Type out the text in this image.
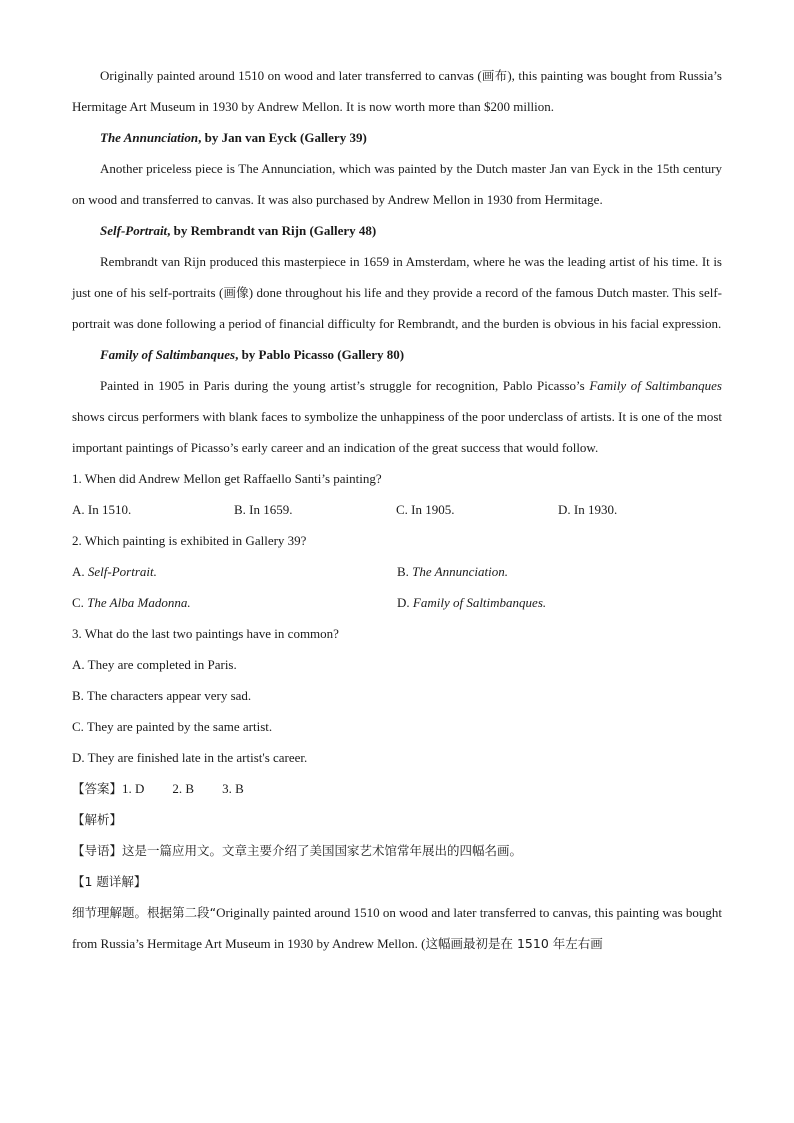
Originally painted around 1510 on wood and later transferred to canvas (画布), this painting was bought from Russia’s Hermitage Art Museum in 1930 by Andrew Mellon. It is now worth more than $200 million.

The Annunciation, by Jan van Eyck (Gallery 39)

Another priceless piece is The Annunciation, which was painted by the Dutch master Jan van Eyck in the 15th century on wood and transferred to canvas. It was also purchased by Andrew Mellon in 1930 from Hermitage.

Self-Portrait, by Rembrandt van Rijn (Gallery 48)

Rembrandt van Rijn produced this masterpiece in 1659 in Amsterdam, where he was the leading artist of his time. It is just one of his self-portraits (画像) done throughout his life and they provide a record of the famous Dutch master. This self-portrait was done following a period of financial difficulty for Rembrandt, and the burden is obvious in his facial expression.

Family of Saltimbanques, by Pablo Picasso (Gallery 80)

Painted in 1905 in Paris during the young artist’s struggle for recognition, Pablo Picasso’s Family of Saltimbanques shows circus performers with blank faces to symbolize the unhappiness of the poor underclass of artists. It is one of the most important paintings of Picasso’s early career and an indication of the great success that would follow.

1. When did Andrew Mellon get Raffaello Santi’s painting?

A. In 1510.	B. In 1659.	C. In 1905.	D. In 1930.

2. Which painting is exhibited in Gallery 39?

A. Self-Portrait.	B. The Annunciation.
C. The Alba Madonna.	D. Family of Saltimbanques.

3. What do the last two paintings have in common?

A. They are completed in Paris.

B. The characters appear very sad.

C. They are painted by the same artist.

D. They are finished late in the artist's career.

【答案】1. D 2. B 3. B

【解析】

【导语】这是一篇应用文。文章主要介绍了美国国家艺术馆常年展出的四幅名画。

【1 题详解】

细节理解题。根据第二段“Originally painted around 1510 on wood and later transferred to canvas, this painting was bought from Russia’s Hermitage Art Museum in 1930 by Andrew Mellon. (这幅画最初是在 1510 年左右画
